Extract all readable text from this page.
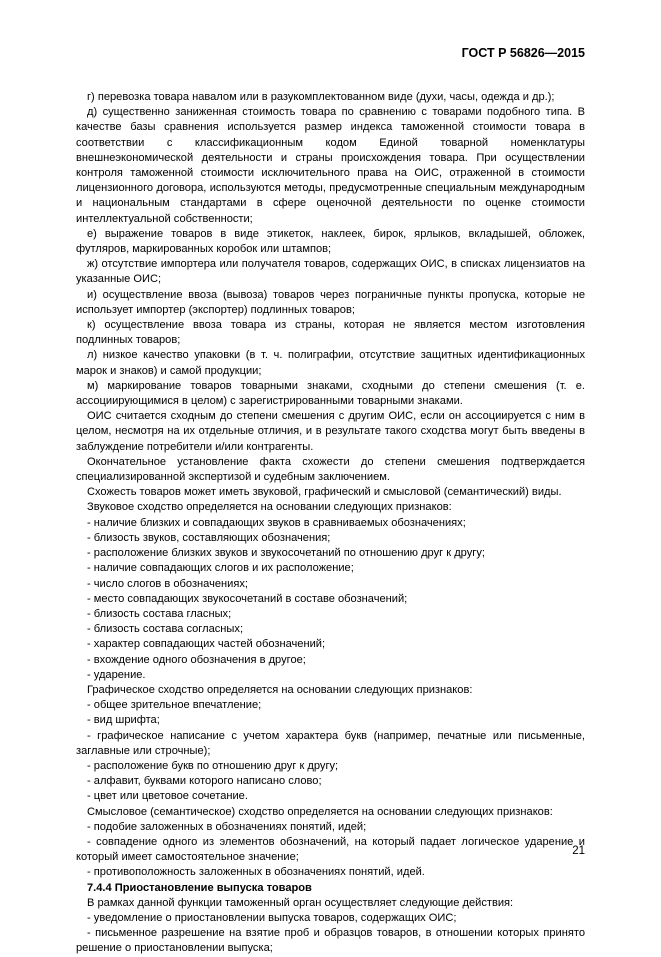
ГОСТ Р 56826—2015

г) перевозка товара навалом или в разукомплектованном виде (духи, часы, одежда и др.);

д) существенно заниженная стоимость товара по сравнению с товарами подобного типа. В качестве базы сравнения используется размер индекса таможенной стоимости товара в соответствии с классификационным кодом Единой товарной номенклатуры внешнеэкономической деятельности и страны происхождения товара. При осуществлении контроля таможенной стоимости исключительного права на ОИС, отраженной в стоимости лицензионного договора, используются методы, предусмотренные специальным международным и национальным стандартами в сфере оценочной деятельности по оценке стоимости интеллектуальной собственности;

е) выражение товаров в виде этикеток, наклеек, бирок, ярлыков, вкладышей, обложек, футляров, маркированных коробок или штампов;

ж) отсутствие импортера или получателя товаров, содержащих ОИС, в списках лицензиатов на указанные ОИС;

и) осуществление ввоза (вывоза) товаров через пограничные пункты пропуска, которые не использует импортер (экспортер) подлинных товаров;

к) осуществление ввоза товара из страны, которая не является местом изготовления подлинных товаров;

л) низкое качество упаковки (в т. ч. полиграфии, отсутствие защитных идентификационных марок и знаков) и самой продукции;

м) маркирование товаров товарными знаками, сходными до степени смешения (т. е. ассоциирующимися в целом) с зарегистрированными товарными знаками.

ОИС считается сходным до степени смешения с другим ОИС, если он ассоциируется с ним в целом, несмотря на их отдельные отличия, и в результате такого сходства могут быть введены в заблуждение потребители и/или контрагенты.

Окончательное установление факта схожести до степени смешения подтверждается специализированной экспертизой и судебным заключением.

Схожесть товаров может иметь звуковой, графический и смысловой (семантический) виды.

Звуковое сходство определяется на основании следующих признаков:

- наличие близких и совпадающих звуков в сравниваемых обозначениях;

- близость звуков, составляющих обозначения;

- расположение близких звуков и звукосочетаний по отношению друг к другу;

- наличие совпадающих слогов и их расположение;

- число слогов в обозначениях;

- место совпадающих звукосочетаний в составе обозначений;

- близость состава гласных;

- близость состава согласных;

- характер совпадающих частей обозначений;

- вхождение одного обозначения в другое;

- ударение.

Графическое сходство определяется на основании следующих признаков:

- общее зрительное впечатление;

- вид шрифта;

- графическое написание с учетом характера букв (например, печатные или письменные, заглавные или строчные);

- расположение букв по отношению друг к другу;

- алфавит, буквами которого написано слово;

- цвет или цветовое сочетание.

Смысловое (семантическое) сходство определяется на основании следующих признаков:

- подобие заложенных в обозначениях понятий, идей;

- совпадение одного из элементов обозначений, на который падает логическое ударение и который имеет самостоятельное значение;

- противоположность заложенных в обозначениях понятий, идей.

7.4.4 Приостановление выпуска товаров

В рамках данной функции таможенный орган осуществляет следующие действия:

- уведомление о приостановлении выпуска товаров, содержащих ОИС;

- письменное разрешение на взятие проб и образцов товаров, в отношении которых принято решение о приостановлении выпуска;

21
